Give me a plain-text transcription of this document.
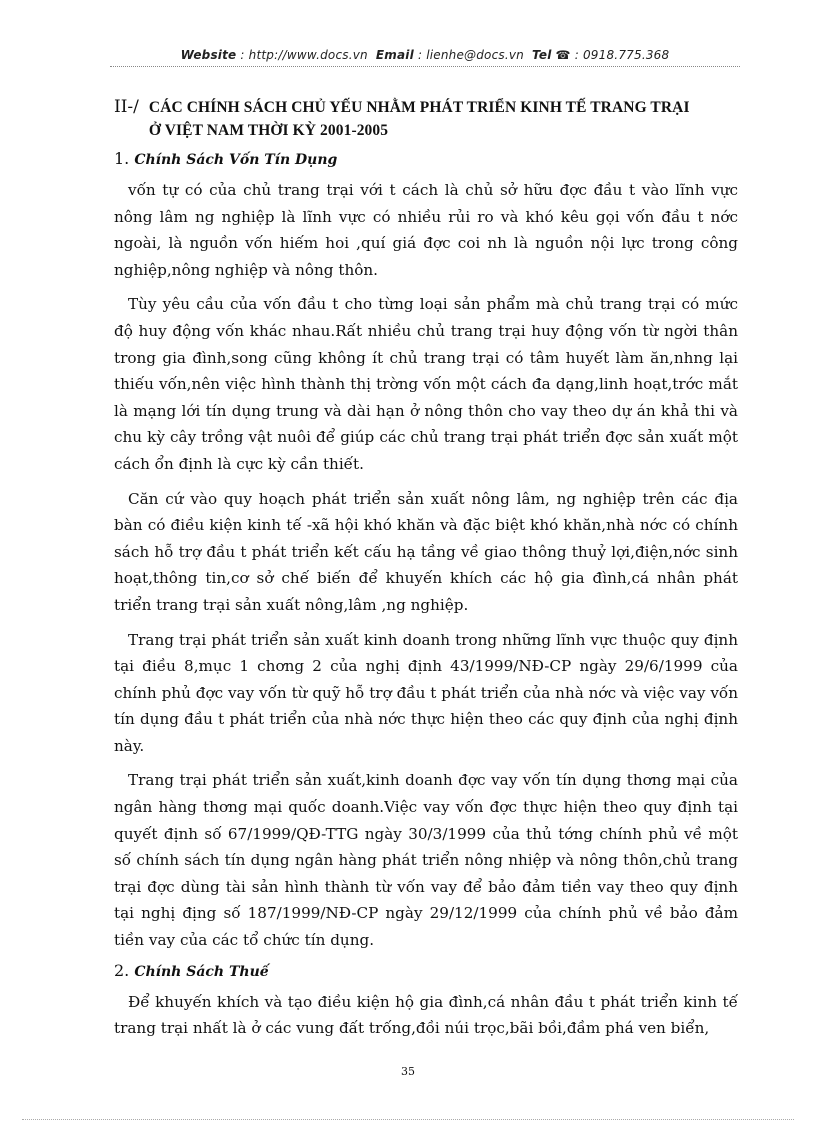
Website : http://www.docs.vn Email : lienhe@docs.vn Tel ☎ : 0918.775.368
II-/ CÁC CHÍNH SÁCH CHỦ YẾU NHẰM PHÁT TRIỂN KINH TẾ TRANG TRẠI
Ở VIỆT NAM THỜI KỲ 2001-2005
1. Chính Sách Vốn Tín Dụng

vốn tự có của chủ trang trại với t cách là chủ sở hữu đợc đầu t vào lĩnh vực nông lâm ng nghiệp là lĩnh vực có nhiều rủi ro và khó kêu gọi vốn đầu t nớc ngoài, là nguồn vốn hiếm hoi ,quí giá đợc coi nh là nguồn nội lực trong công nghiệp,nông nghiệp và nông thôn.

Tùy yêu cầu của vốn đầu t cho từng loại sản phẩm mà chủ trang trại có mức độ huy động vốn khác nhau.Rất nhiều chủ trang trại huy động vốn từ ngời thân trong gia đình,song cũng không ít chủ trang trại có tâm huyết làm ăn,nhng lại thiếu vốn,nên việc hình thành thị trờng vốn một cách đa dạng,linh hoạt,trớc mắt là mạng lới tín dụng trung và dài hạn ở nông thôn cho vay theo dự án khả thi và chu kỳ cây trồng vật nuôi để giúp các chủ trang trại phát triển đợc sản xuất một cách ổn định là cực kỳ cần thiết.

Căn cứ vào quy hoạch phát triển sản xuất nông lâm, ng nghiệp trên các địa bàn có điều kiện kinh tế -xã hội khó khăn và đặc biệt khó khăn,nhà nớc có chính sách hỗ trợ đầu t phát triển kết cấu hạ tầng về giao thông thuỷ lợi,điện,nớc sinh hoạt,thông tin,cơ sở chế biến để khuyến khích các hộ gia đình,cá nhân phát triển trang trại sản xuất nông,lâm ,ng nghiệp.

Trang trại phát triển sản xuất kinh doanh trong những lĩnh vực thuộc quy định tại điều 8,mục 1 chơng 2 của nghị định 43/1999/NĐ-CP ngày 29/6/1999 của chính phủ đợc vay vốn từ quỹ hỗ trợ đầu t phát triển của nhà nớc và việc vay vốn tín dụng đầu t phát triển của nhà nớc thực hiện theo các quy định của nghị định này.

Trang trại phát triển sản xuất,kinh doanh đợc vay vốn tín dụng thơng mại của ngân hàng thơng mại quốc doanh.Việc vay vốn đợc thực hiện theo quy định tại quyết định số 67/1999/QĐ-TTG ngày 30/3/1999 của thủ tớng chính phủ về một số chính sách tín dụng ngân hàng phát triển nông nhiệp và nông thôn,chủ trang trại đợc dùng tài sản hình thành từ vốn vay để bảo đảm tiền vay theo quy định tại nghị địng số 187/1999/NĐ-CP ngày 29/12/1999 của chính phủ về bảo đảm tiền vay của các tổ chức tín dụng.

2. Chính Sách Thuế

Để khuyến khích và tạo điều kiện hộ gia đình,cá nhân đầu t phát triển kinh tế trang trại nhất là ở các vung đất trống,đồi núi trọc,bãi bồi,đầm phá ven biển,

35
